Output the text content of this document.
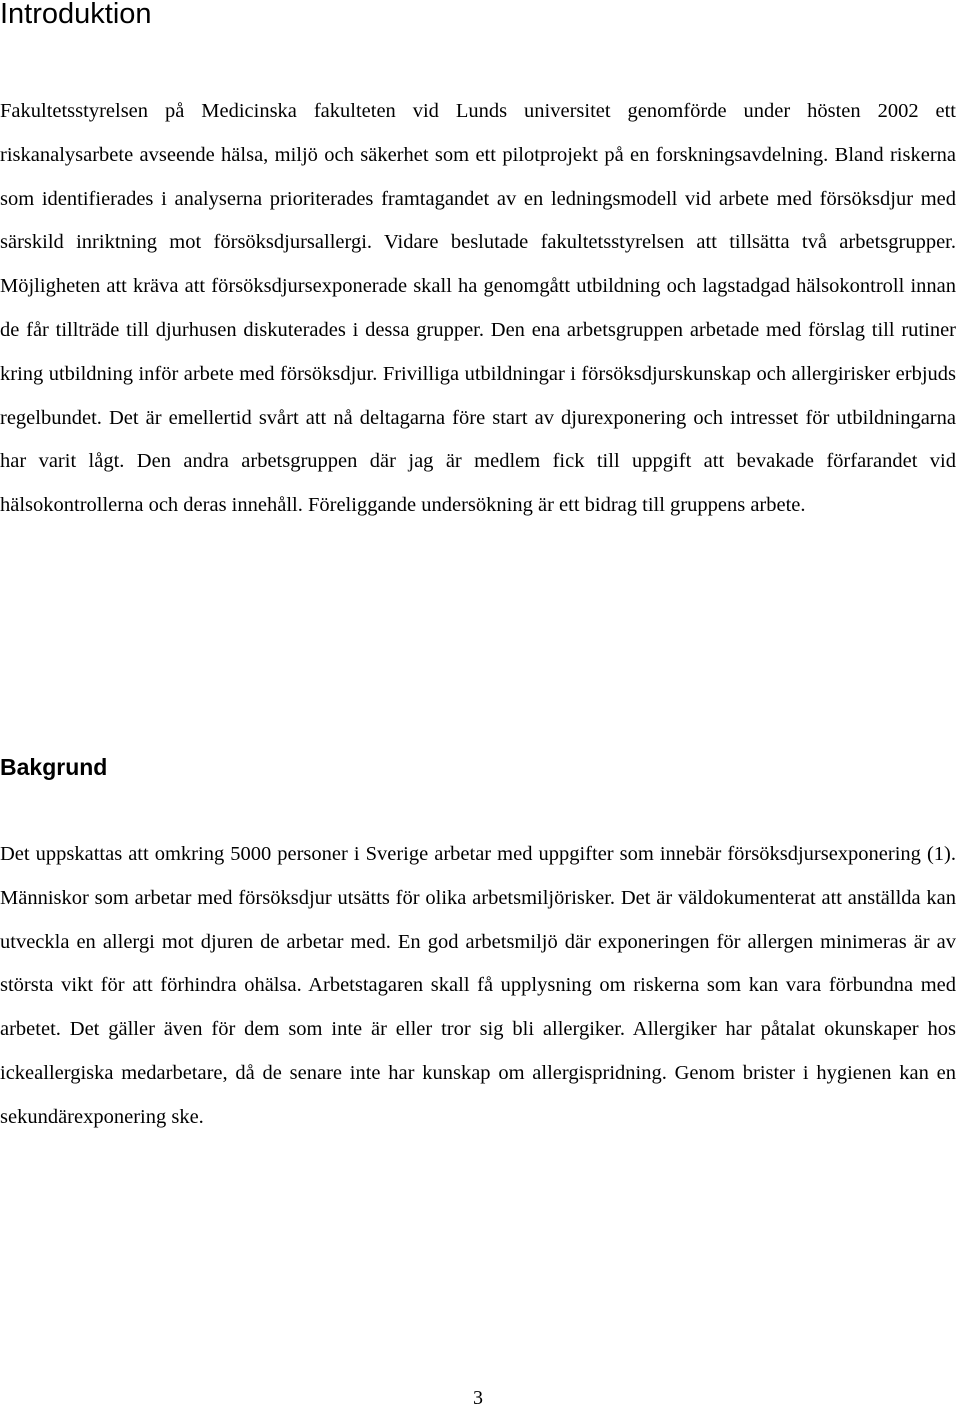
Introduktion

Fakultetsstyrelsen på Medicinska fakulteten vid Lunds universitet genomförde under hösten 2002 ett riskanalysarbete avseende hälsa, miljö och säkerhet som ett pilotprojekt på en forskningsavdelning. Bland riskerna som identifierades i analyserna prioriterades framtagandet av en ledningsmodell vid arbete med försöksdjur med särskild inriktning mot försöksdjursallergi. Vidare beslutade fakultetsstyrelsen att tillsätta två arbetsgrupper. Möjligheten att kräva att försöksdjursexponerade skall ha genomgått utbildning och lagstadgad hälsokontroll innan de får tillträde till djurhusen diskuterades i dessa grupper. Den ena arbetsgruppen arbetade med förslag till rutiner kring utbildning inför arbete med försöksdjur. Frivilliga utbildningar i försöksdjurskunskap och allergirisker erbjuds regelbundet. Det är emellertid svårt att nå deltagarna före start av djurexponering och intresset för utbildningarna har varit lågt. Den andra arbetsgruppen där jag är medlem fick till uppgift att bevakade förfarandet vid hälsokontrollerna och deras innehåll. Föreliggande undersökning är ett bidrag till gruppens arbete.

Bakgrund

Det uppskattas att omkring 5000 personer i Sverige arbetar med uppgifter som innebär försöksdjursexponering (1). Människor som arbetar med försöksdjur utsätts för olika arbetsmiljörisker. Det är väldokumenterat att anställda kan utveckla en allergi mot djuren de arbetar med. En god arbetsmiljö där exponeringen för allergen minimeras är av största vikt för att förhindra ohälsa. Arbetstagaren skall få upplysning om riskerna som kan vara förbundna med arbetet. Det gäller även för dem som inte är eller tror sig bli allergiker. Allergiker har påtalat okunskaper hos ickeallergiska medarbetare, då de senare inte har kunskap om allergispridning. Genom brister i hygienen kan en sekundärexponering ske.

3
